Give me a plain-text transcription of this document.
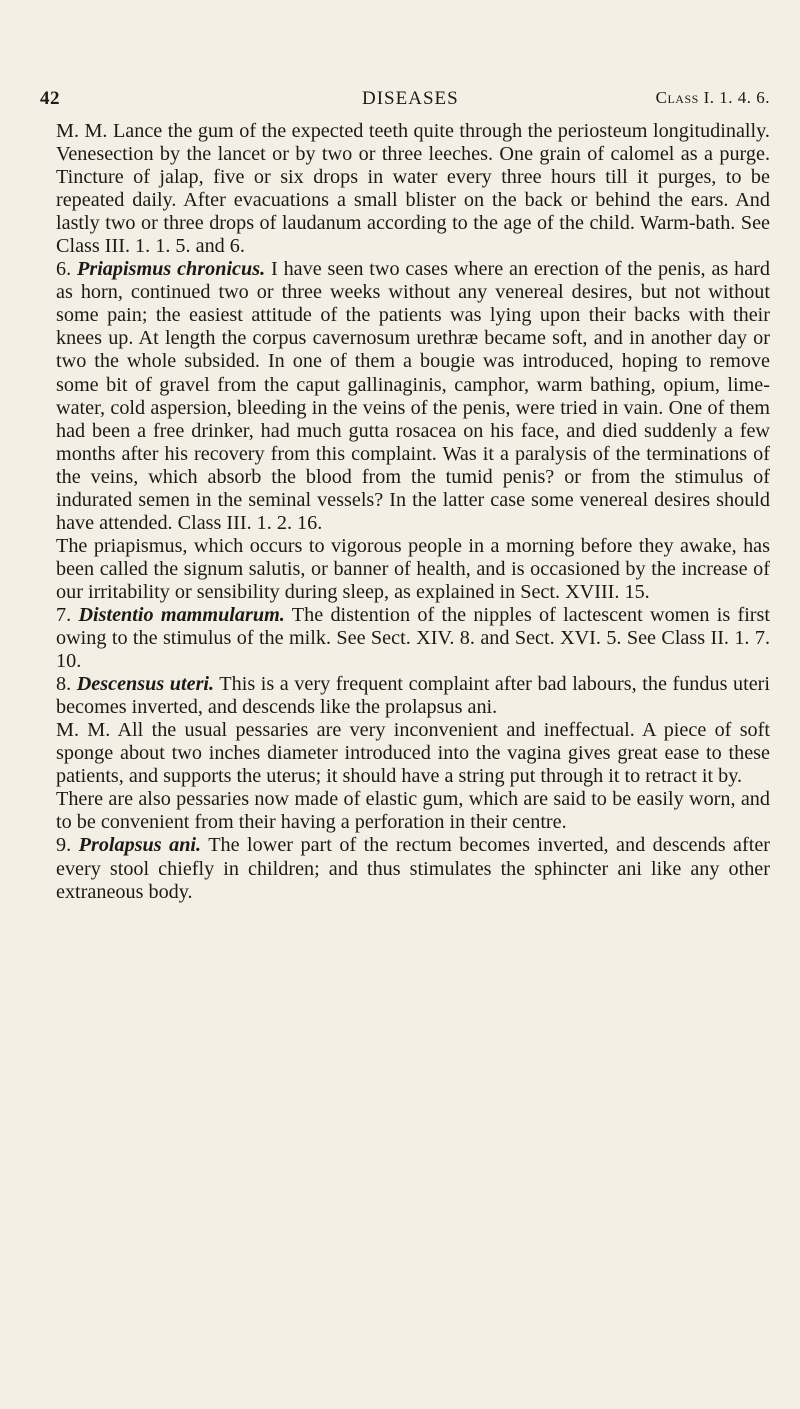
42	DISEASES	Class I. 1. 4. 6.

M. M. Lance the gum of the expected teeth quite through the periosteum longitudinally. Venesection by the lancet or by two or three leeches. One grain of calomel as a purge. Tincture of jalap, five or six drops in water every three hours till it purges, to be repeated daily. After evacuations a small blister on the back or behind the ears. And lastly two or three drops of laudanum according to the age of the child. Warm-bath. See Class III. 1. 1. 5. and 6.

6. Priapismus chronicus. I have seen two cases where an erection of the penis, as hard as horn, continued two or three weeks without any venereal desires, but not without some pain; the easiest attitude of the patients was lying upon their backs with their knees up. At length the corpus cavernosum urethræ became soft, and in another day or two the whole subsided. In one of them a bougie was introduced, hoping to remove some bit of gravel from the caput gallinaginis, camphor, warm bathing, opium, lime-water, cold aspersion, bleeding in the veins of the penis, were tried in vain. One of them had been a free drinker, had much gutta rosacea on his face, and died suddenly a few months after his recovery from this complaint. Was it a paralysis of the terminations of the veins, which absorb the blood from the tumid penis? or from the stimulus of indurated semen in the seminal vessels? In the latter case some venereal desires should have attended. Class III. 1. 2. 16.

The priapismus, which occurs to vigorous people in a morning before they awake, has been called the signum salutis, or banner of health, and is occasioned by the increase of our irritability or sensibility during sleep, as explained in Sect. XVIII. 15.

7. Distentio mammularum. The distention of the nipples of lactescent women is first owing to the stimulus of the milk. See Sect. XIV. 8. and Sect. XVI. 5. See Class II. 1. 7. 10.

8. Descensus uteri. This is a very frequent complaint after bad labours, the fundus uteri becomes inverted, and descends like the prolapsus ani.

M. M. All the usual pessaries are very inconvenient and ineffectual. A piece of soft sponge about two inches diameter introduced into the vagina gives great ease to these patients, and supports the uterus; it should have a string put through it to retract it by.

There are also pessaries now made of elastic gum, which are said to be easily worn, and to be convenient from their having a perforation in their centre.

9. Prolapsus ani. The lower part of the rectum becomes inverted, and descends after every stool chiefly in children; and thus stimulates the sphincter ani like any other extraneous body.
